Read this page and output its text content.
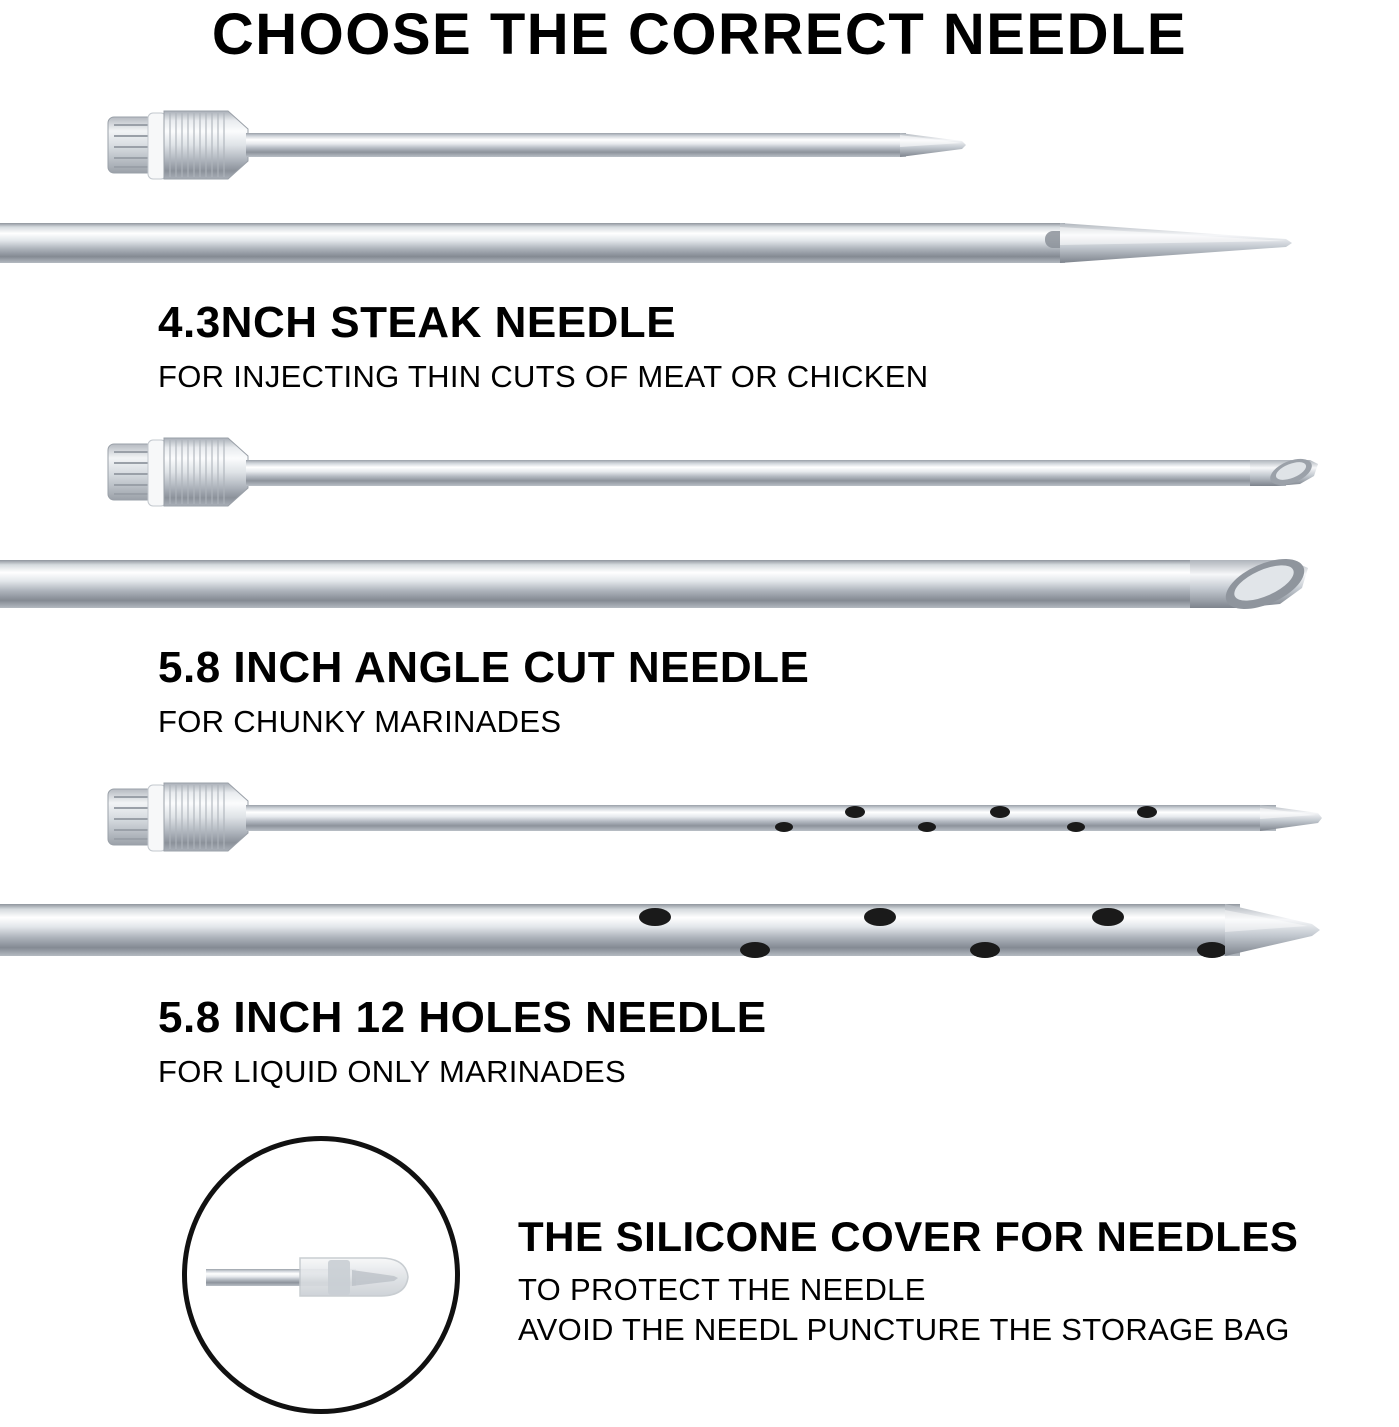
CHOOSE THE CORRECT NEEDLE
4.3NCH STEAK NEEDLE
FOR INJECTING THIN CUTS OF MEAT OR CHICKEN
5.8 INCH ANGLE CUT NEEDLE
FOR CHUNKY MARINADES
5.8 INCH 12 HOLES NEEDLE
FOR LIQUID ONLY MARINADES
THE SILICONE COVER FOR NEEDLES
TO PROTECT THE NEEDLE
AVOID THE NEEDL PUNCTURE THE STORAGE BAG
